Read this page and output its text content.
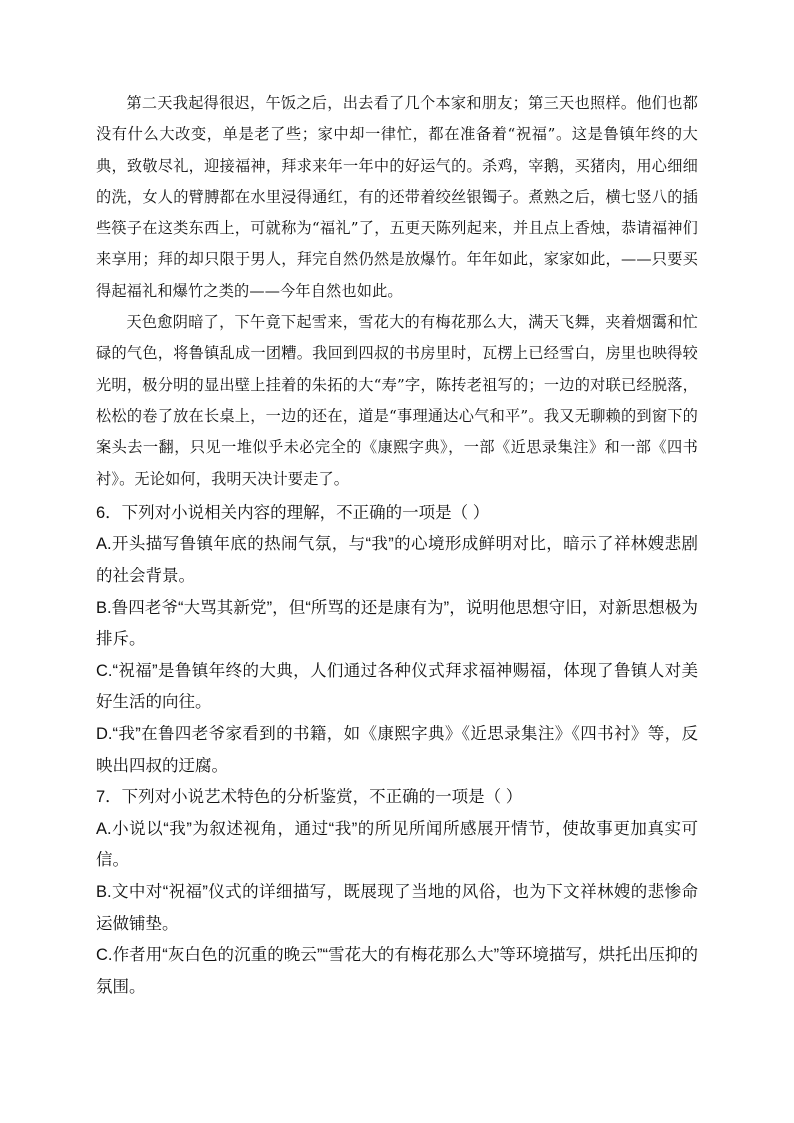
第二天我起得很迟，午饭之后，出去看了几个本家和朋友；第三天也照样。他们也都没有什么大改变，单是老了些；家中却一律忙，都在准备着“祝福”。这是鲁镇年终的大典，致敬尽礼，迎接福神，拜求来年一年中的好运气的。杀鸡，宰鹅，买猪肉，用心细细的洗，女人的臂膊都在水里浸得通红，有的还带着绞丝银镯子。煮熟之后，横七竖八的插些筷子在这类东西上，可就称为“福礼”了，五更天陈列起来，并且点上香烛，恭请福神们来享用；拜的却只限于男人，拜完自然仍然是放爆竹。年年如此，家家如此，——只要买得起福礼和爆竹之类的——今年自然也如此。

天色愈阴暗了，下午竟下起雪来，雪花大的有梅花那么大，满天飞舞，夹着烟霭和忙碌的气色，将鲁镇乱成一团糟。我回到四叔的书房里时，瓦楞上已经雪白，房里也映得较光明，极分明的显出壁上挂着的朱拓的大“寿”字，陈抟老祖写的；一边的对联已经脱落，松松的卷了放在长桌上，一边的还在，道是“事理通达心气和平”。我又无聊赖的到窗下的案头去一翻，只见一堆似乎未必完全的《康熙字典》，一部《近思录集注》和一部《四书衬》。无论如何，我明天决计要走了。

6．下列对小说相关内容的理解，不正确的一项是（ ）

A.开头描写鲁镇年底的热闹气氛，与“我”的心境形成鲜明对比，暗示了祥林嫂悲剧的社会背景。

B.鲁四老爷“大骂其新党”，但“所骂的还是康有为”，说明他思想守旧，对新思想极为排斥。

C.“祝福”是鲁镇年终的大典，人们通过各种仪式拜求福神赐福，体现了鲁镇人对美好生活的向往。

D.“我”在鲁四老爷家看到的书籍，如《康熙字典》《近思录集注》《四书衬》等，反映出四叔的迂腐。

7．下列对小说艺术特色的分析鉴赏，不正确的一项是（ ）

A.小说以“我”为叙述视角，通过“我”的所见所闻所感展开情节，使故事更加真实可信。

B.文中对“祝福”仪式的详细描写，既展现了当地的风俗，也为下文祥林嫂的悲惨命运做铺垫。

C.作者用“灰白色的沉重的晚云”“雪花大的有梅花那么大”等环境描写，烘托出压抑的氛围。
